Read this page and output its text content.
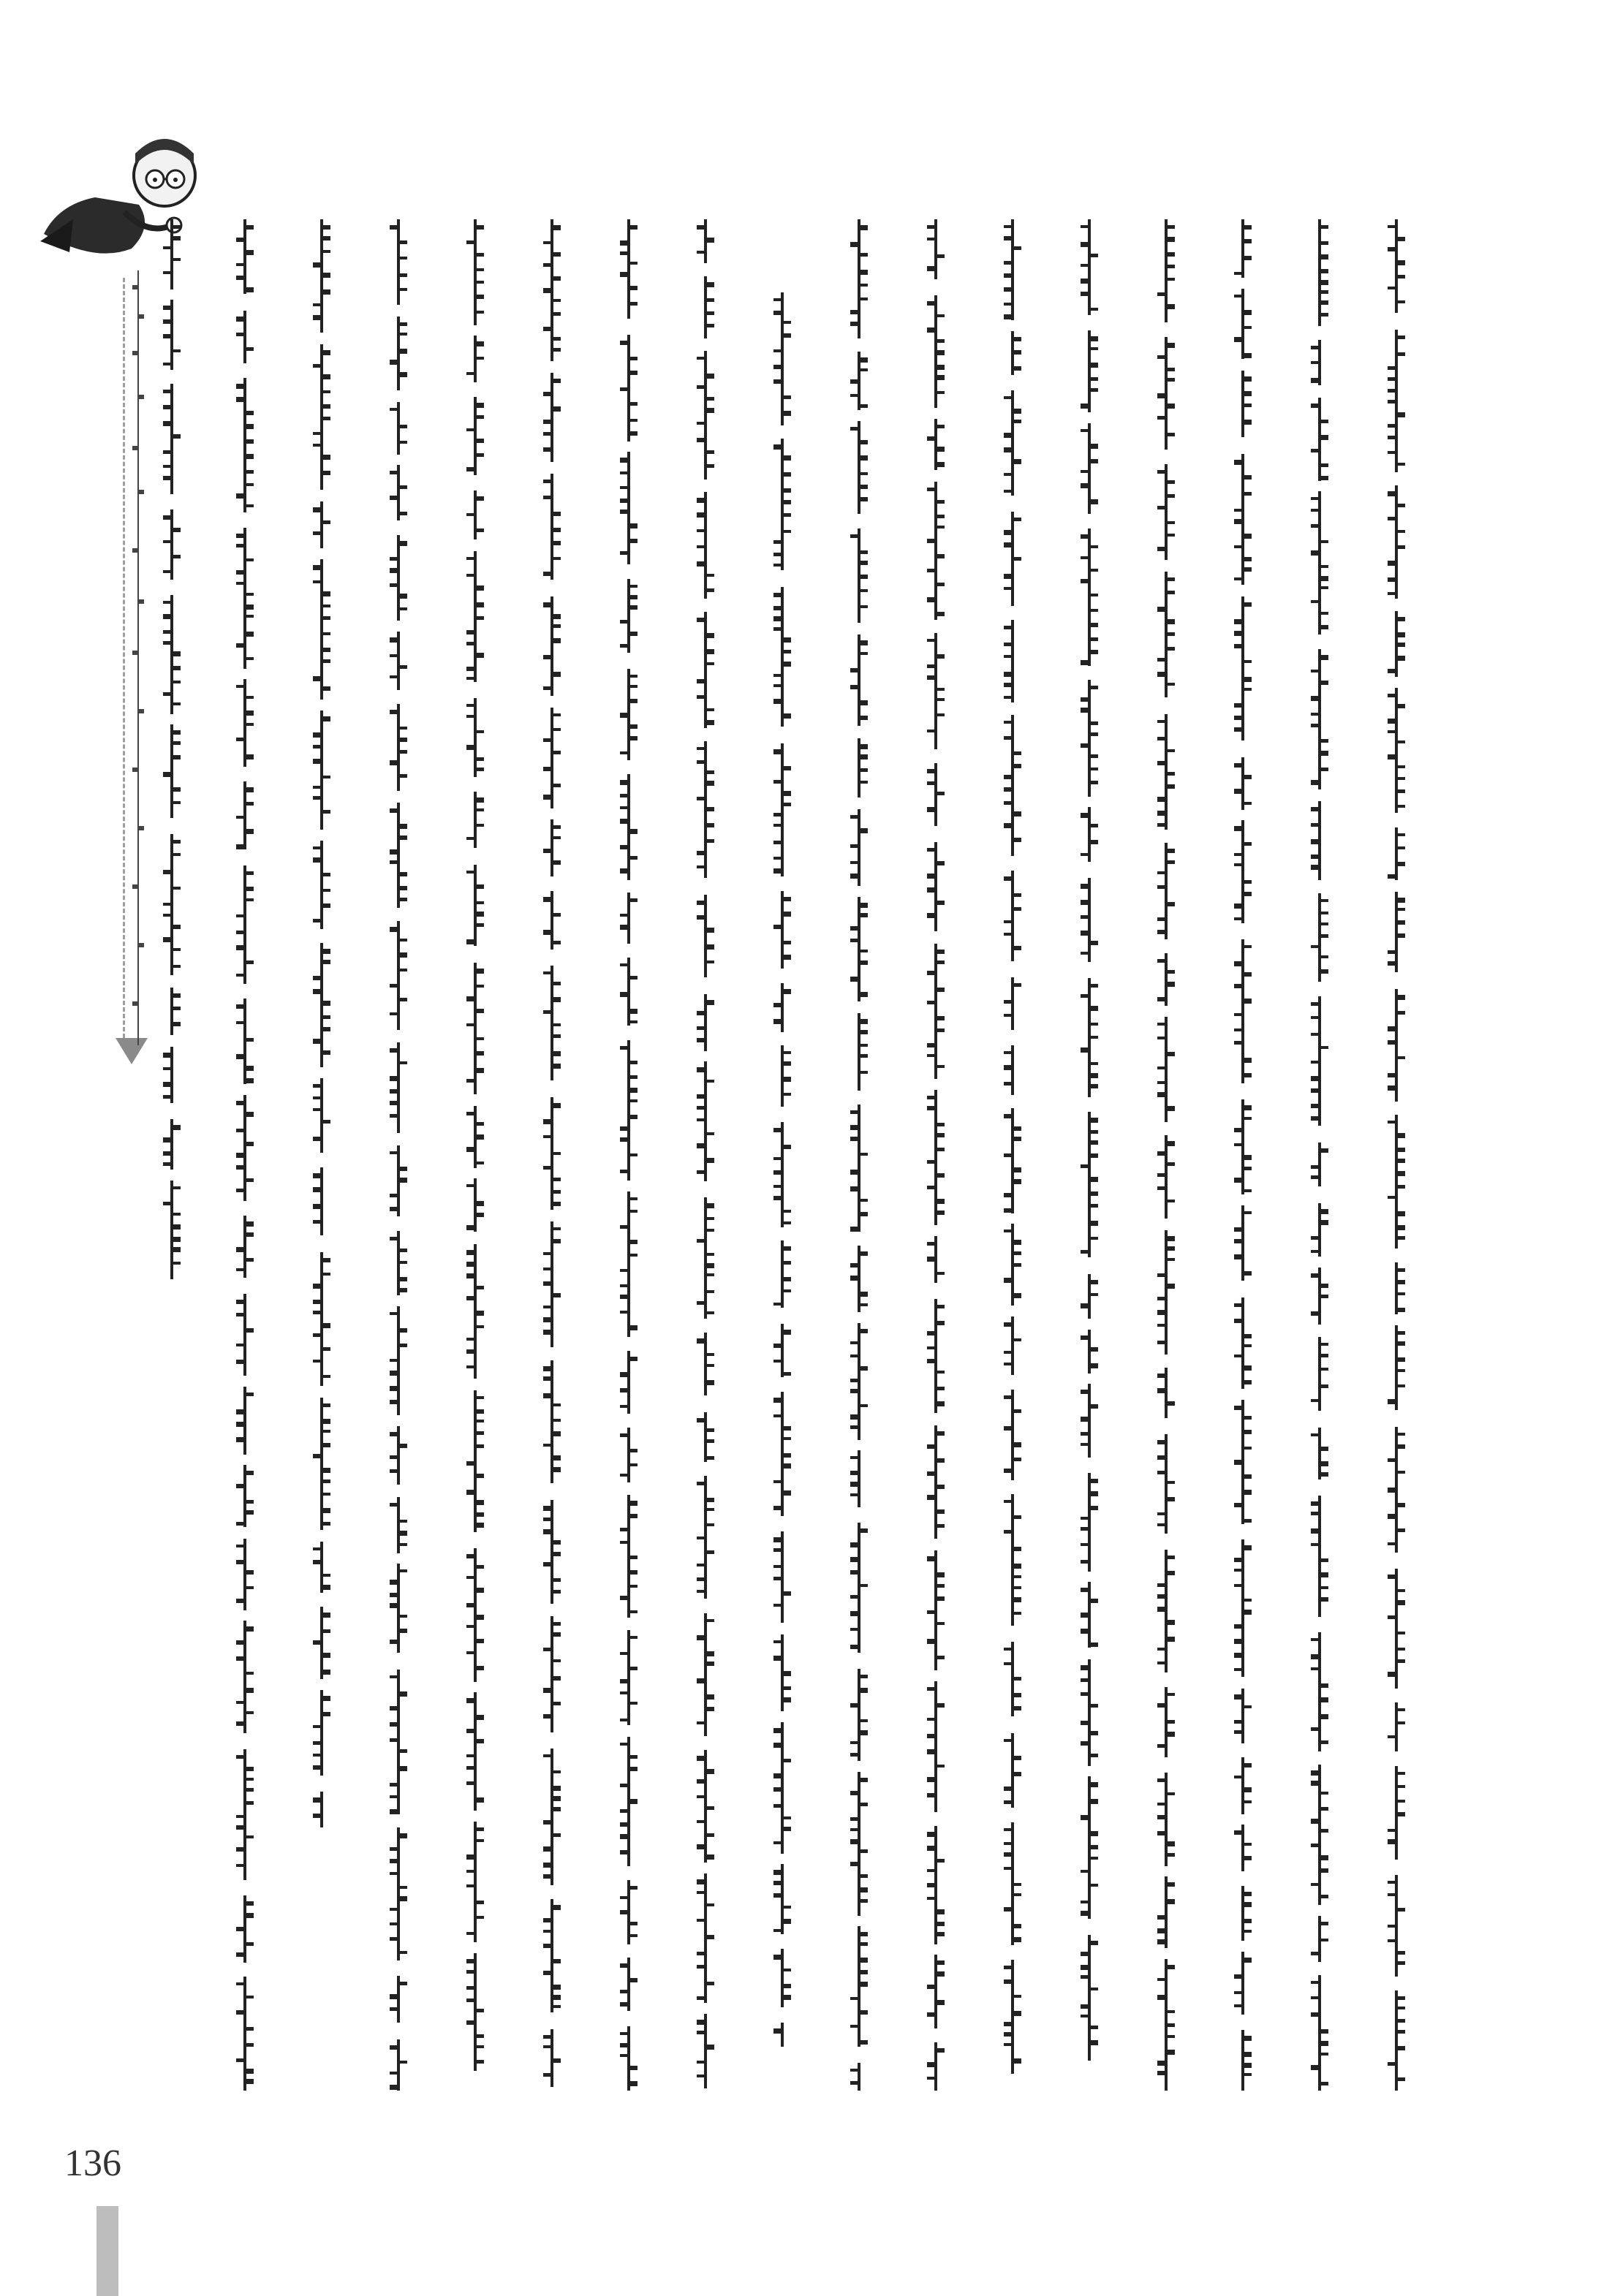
136
